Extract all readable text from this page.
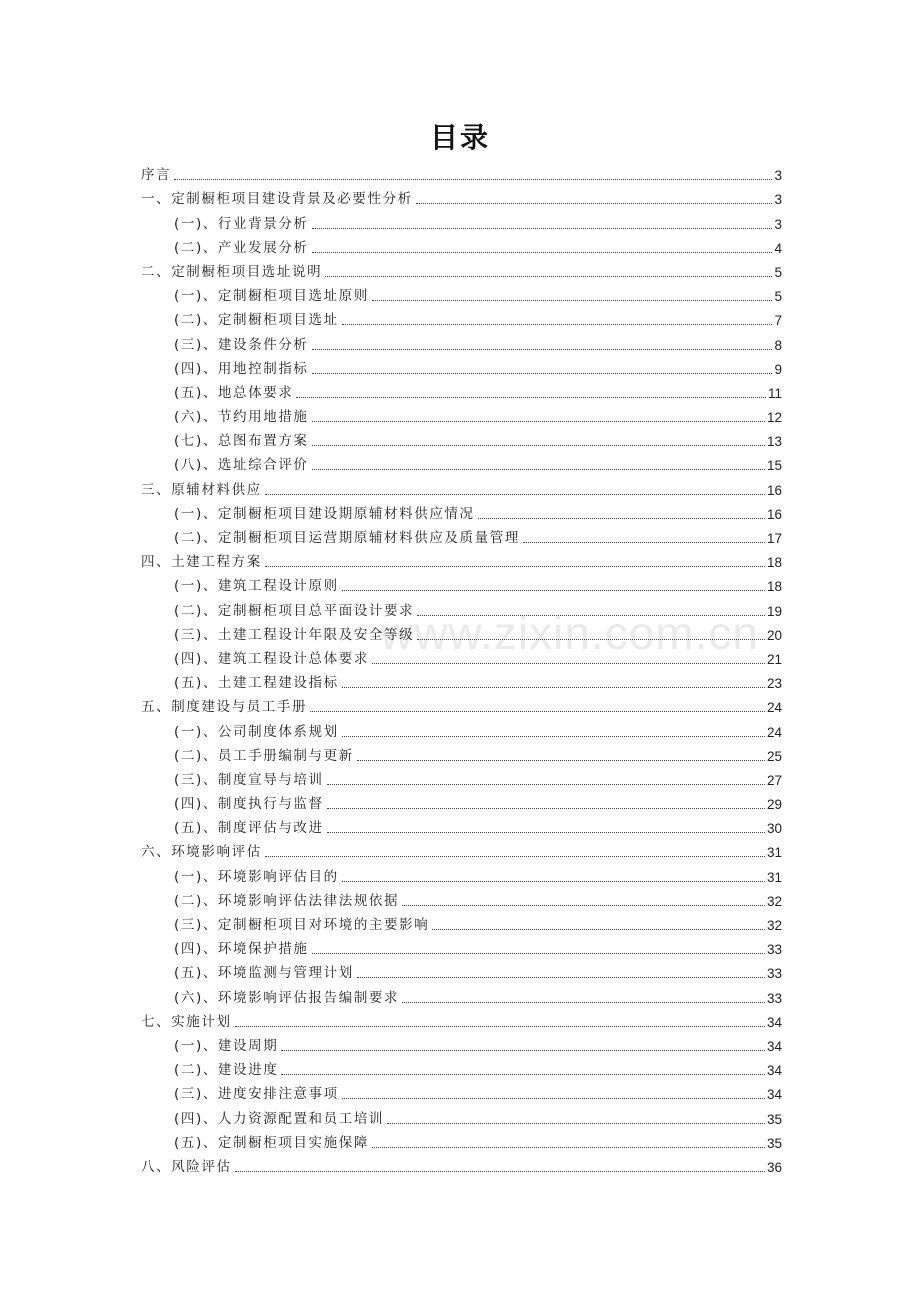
目录
www.zixin.com.cn
序言	3
一、定制橱柜项目建设背景及必要性分析	3
(一)、行业背景分析	3
(二)、产业发展分析	4
二、定制橱柜项目选址说明	5
(一)、定制橱柜项目选址原则	5
(二)、定制橱柜项目选址	7
(三)、建设条件分析	8
(四)、用地控制指标	9
(五)、地总体要求	11
(六)、节约用地措施	12
(七)、总图布置方案	13
(八)、选址综合评价	15
三、原辅材料供应	16
(一)、定制橱柜项目建设期原辅材料供应情况	16
(二)、定制橱柜项目运营期原辅材料供应及质量管理	17
四、土建工程方案	18
(一)、建筑工程设计原则	18
(二)、定制橱柜项目总平面设计要求	19
(三)、土建工程设计年限及安全等级	20
(四)、建筑工程设计总体要求	21
(五)、土建工程建设指标	23
五、制度建设与员工手册	24
(一)、公司制度体系规划	24
(二)、员工手册编制与更新	25
(三)、制度宣导与培训	27
(四)、制度执行与监督	29
(五)、制度评估与改进	30
六、环境影响评估	31
(一)、环境影响评估目的	31
(二)、环境影响评估法律法规依据	32
(三)、定制橱柜项目对环境的主要影响	32
(四)、环境保护措施	33
(五)、环境监测与管理计划	33
(六)、环境影响评估报告编制要求	33
七、实施计划	34
(一)、建设周期	34
(二)、建设进度	34
(三)、进度安排注意事项	34
(四)、人力资源配置和员工培训	35
(五)、定制橱柜项目实施保障	35
八、风险评估	36
